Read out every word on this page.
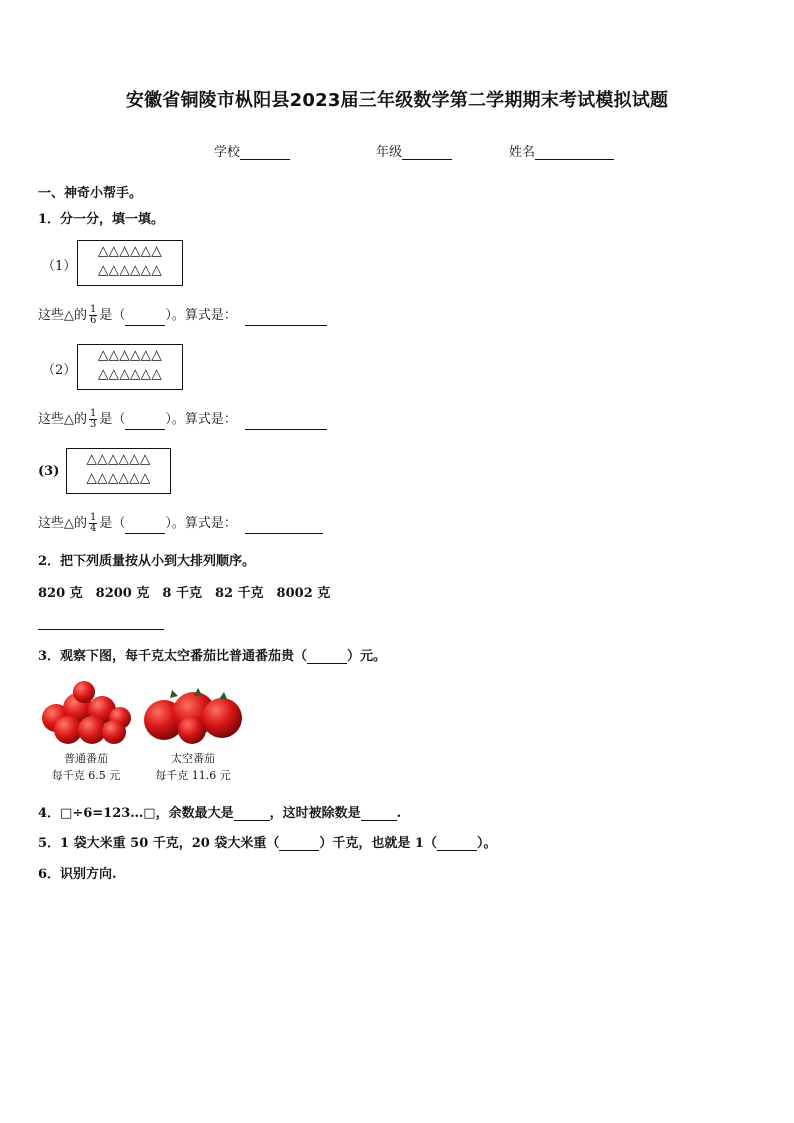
安徽省铜陵市枞阳县2023届三年级数学第二学期期末考试模拟试题
学校	年级	姓名
一、神奇小帮手。
1．分一分，填一填。
（1）
△△△△△△
△△△△△△
这些△的 $\frac{1}{6}$ 是（	）。算式是：
（2）
△△△△△△
△△△△△△
这些△的 $\frac{1}{3}$ 是（	）。算式是：
(3)
△△△△△△
△△△△△△
这些△的 $\frac{1}{4}$ 是（	）。算式是：
2．把下列质量按从小到大排列顺序。
820 克　8200 克　8 千克　82 千克　8002 克
3．观察下图，每千克太空番茄比普通番茄贵（	）元。
普通番茄
每千克 6.5 元
太空番茄
每千克 11.6 元
4．□÷6=123…□，余数最大是	，这时被除数是	.
5．1 袋大米重 50 千克，20 袋大米重（	）千克，也就是 1（	）。
6．识别方向.
